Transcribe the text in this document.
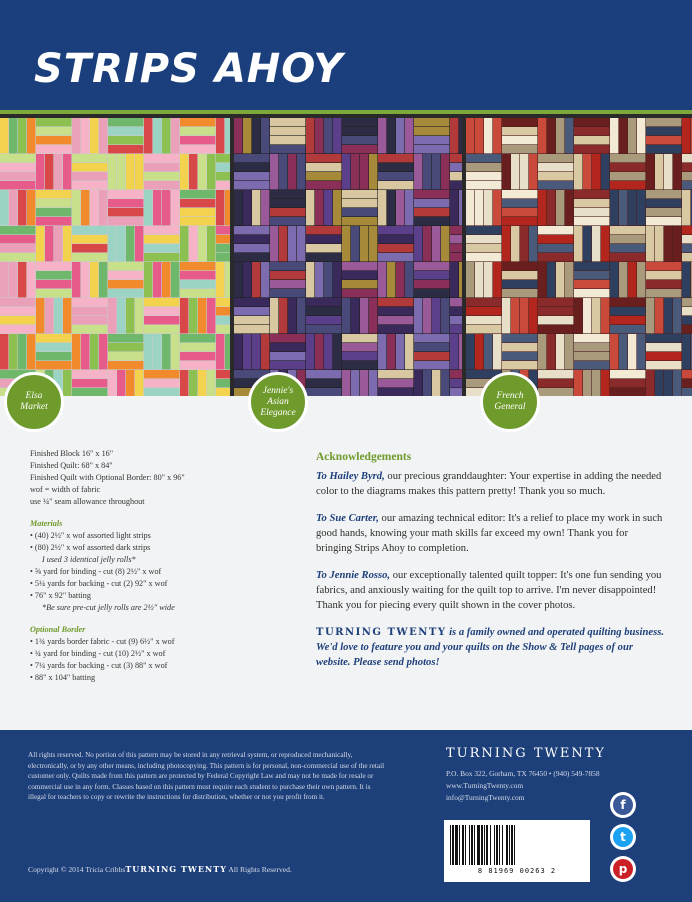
STRIPS AHOY
Finished Block 16" x 16"
Finished Quilt: 68" x 84"
Finished Quilt with Optional Border: 80" x 96"
wof = width of fabric
use ¼" seam allowance throughout
Materials
• (40) 2½" x wof assorted light strips
• (80) 2½" x wof assorted dark strips
I used 3 identical jelly rolls*
• ⅝ yard for binding - cut (8) 2½" x wof
• 5¼ yards for backing - cut (2) 92" x wof
• 76" x 92" batting
*Be sure pre-cut jelly rolls are 2½" wide
Optional Border
• 1¾ yards border fabric - cut (9) 6½" x wof
• ¾ yard for binding - cut (10) 2½" x wof
• 7¼ yards for backing - cut (3) 88" x wof
• 88" x 104" batting
Acknowledgements

To Hailey Byrd, our precious granddaughter: Your expertise in adding the needed color to the diagrams makes this pattern pretty! Thank you so much.

To Sue Carter, our amazing technical editor: It's a relief to place my work in such good hands, knowing your math skills far exceed my own! Thank you for bringing Strips Ahoy to completion.

To Jennie Rosso, our exceptionally talented quilt topper: It's one fun sending you fabrics, and anxiously waiting for the quilt top to arrive. I'm never disappointed! Thank you for piecing every quilt shown in the cover photos.

TURNING TWENTY is a family owned and operated quilting business. We'd love to feature you and your quilts on the Show & Tell pages of our website. Please send photos!

Elsa Market
Jennie's Asian Elegance
French General
All rights reserved. No portion of this pattern may be stored in any retrieval system, or reproduced mechanically, electronically, or by any other means, including photocopying. This pattern is for personal, non-commercial use of the retail customer only. Quilts made from this pattern are protected by Federal Copyright Law and may not be made for resale or commercial use in any form. Classes based on this pattern must require each student to purchase their own pattern. It is illegal for teachers to copy or rewrite the instructions for distribution, whether or not you profit from it.
Copyright © 2014 Tricia CribbsTURNING TWENTY All Rights Reserved.
TURNING TWENTY
P.O. Box 322, Gorham, TX 76450 • (940) 549-7858
www.TurningTwenty.com
info@TurningTwenty.com
8 81969 00263 2
f
t
p
